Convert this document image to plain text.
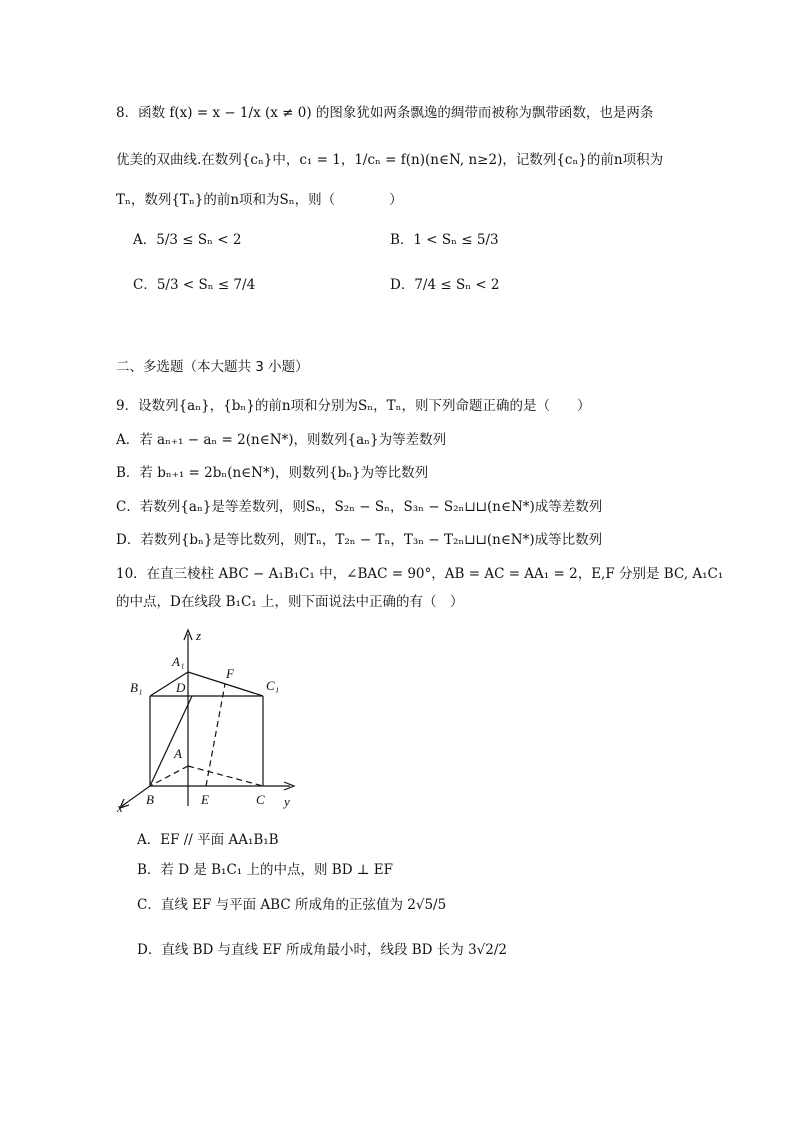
8．函数 f(x) = x − 1/x (x ≠ 0) 的图象犹如两条飘逸的绸带而被称为飘带函数，也是两条
优美的双曲线.在数列{cₙ}中，c₁ = 1，1/cₙ = f(n)(n∈N, n≥2)，记数列{cₙ}的前n项积为
Tₙ，数列{Tₙ}的前n项和为Sₙ，则（　　　　）
A．5/3 ≤ Sₙ < 2	B．1 < Sₙ ≤ 5/3
C．5/3 < Sₙ ≤ 7/4	D．7/4 ≤ Sₙ < 2
二、多选题（本大题共 3 小题）
9．设数列{aₙ}，{bₙ}的前n项和分别为Sₙ，Tₙ，则下列命题正确的是（　　）
A．若 aₙ₊₁ − aₙ = 2(n∈N*)，则数列{aₙ}为等差数列
B．若 bₙ₊₁ = 2bₙ(n∈N*)，则数列{bₙ}为等比数列
C．若数列{aₙ}是等差数列，则Sₙ，S₂ₙ − Sₙ，S₃ₙ − S₂ₙ⊔⊔(n∈N*)成等差数列
D．若数列{bₙ}是等比数列，则Tₙ，T₂ₙ − Tₙ，T₃ₙ − T₂ₙ⊔⊔(n∈N*)成等比数列
10．在直三棱柱 ABC − A₁B₁C₁ 中，∠BAC = 90°，AB = AC = AA₁ = 2，E,F 分别是 BC, A₁C₁
的中点，D在线段 B₁C₁ 上，则下面说法中正确的有（　）
z
A₁
B₁	D
F
C₁
A
B	E	C
x	y
A．EF // 平面 AA₁B₁B
B．若 D 是 B₁C₁ 上的中点，则 BD ⊥ EF
C．直线 EF 与平面 ABC 所成角的正弦值为 2√5/5
D．直线 BD 与直线 EF 所成角最小时，线段 BD 长为 3√2/2
